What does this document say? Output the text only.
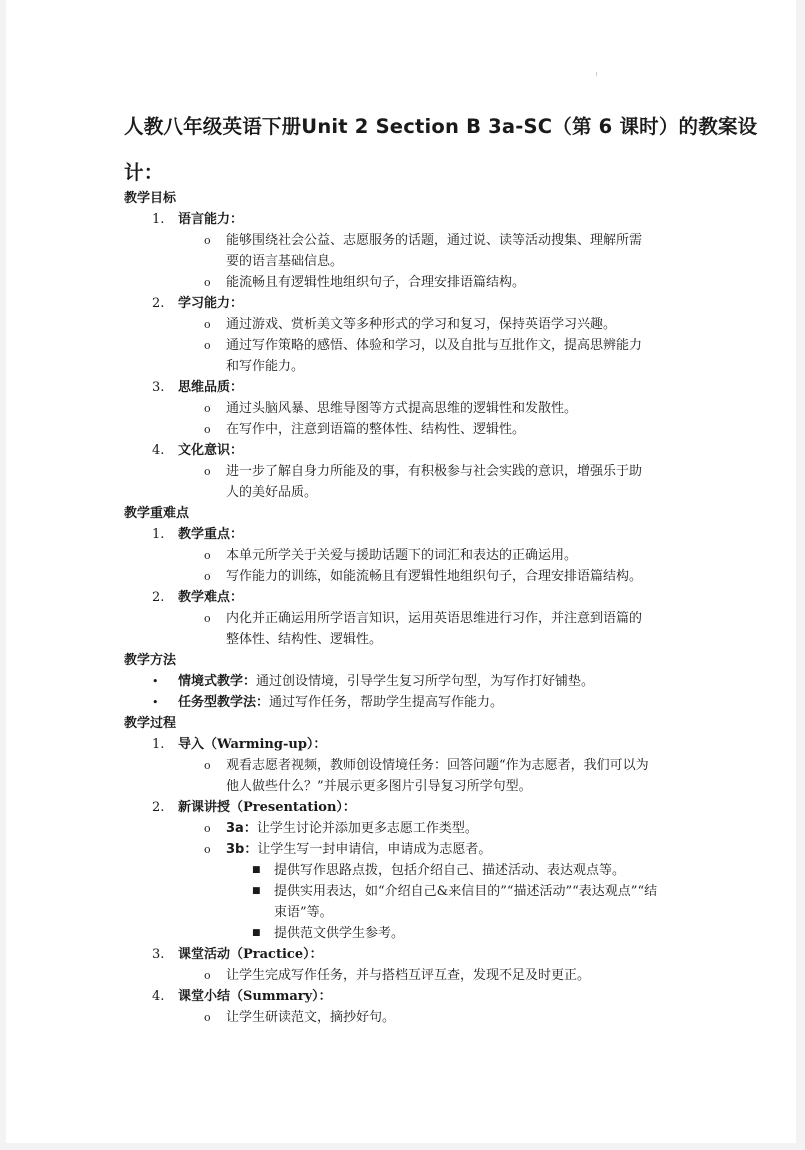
人教八年级英语下册Unit 2 Section B 3a-SC（第 6 课时）的教案设
计：
教学目标
1. 语言能力：
o 能够围绕社会公益、志愿服务的话题，通过说、读等活动搜集、理解所需
要的语言基础信息。
o 能流畅且有逻辑性地组织句子，合理安排语篇结构。
2. 学习能力：
o 通过游戏、赏析美文等多种形式的学习和复习，保持英语学习兴趣。
o 通过写作策略的感悟、体验和学习，以及自批与互批作文，提高思辨能力
和写作能力。
3. 思维品质：
o 通过头脑风暴、思维导图等方式提高思维的逻辑性和发散性。
o 在写作中，注意到语篇的整体性、结构性、逻辑性。
4. 文化意识：
o 进一步了解自身力所能及的事，有积极参与社会实践的意识，增强乐于助
人的美好品质。
教学重难点
1. 教学重点：
o 本单元所学关于关爱与援助话题下的词汇和表达的正确运用。
o 写作能力的训练，如能流畅且有逻辑性地组织句子，合理安排语篇结构。
2. 教学难点：
o 内化并正确运用所学语言知识，运用英语思维进行习作，并注意到语篇的
整体性、结构性、逻辑性。
教学方法
• 情境式教学：通过创设情境，引导学生复习所学句型，为写作打好铺垫。
• 任务型教学法：通过写作任务，帮助学生提高写作能力。
教学过程
1. 导入（Warming-up）：
o 观看志愿者视频，教师创设情境任务：回答问题“作为志愿者，我们可以为
他人做些什么？”并展示更多图片引导复习所学句型。
2. 新课讲授（Presentation）：
o 3a：让学生讨论并添加更多志愿工作类型。
o 3b：让学生写一封申请信，申请成为志愿者。
■ 提供写作思路点拨，包括介绍自己、描述活动、表达观点等。
■ 提供实用表达，如“介绍自己&来信目的”“描述活动”“表达观点”“结
束语”等。
■ 提供范文供学生参考。
3. 课堂活动（Practice）：
o 让学生完成写作任务，并与搭档互评互查，发现不足及时更正。
4. 课堂小结（Summary）：
o 让学生研读范文，摘抄好句。
